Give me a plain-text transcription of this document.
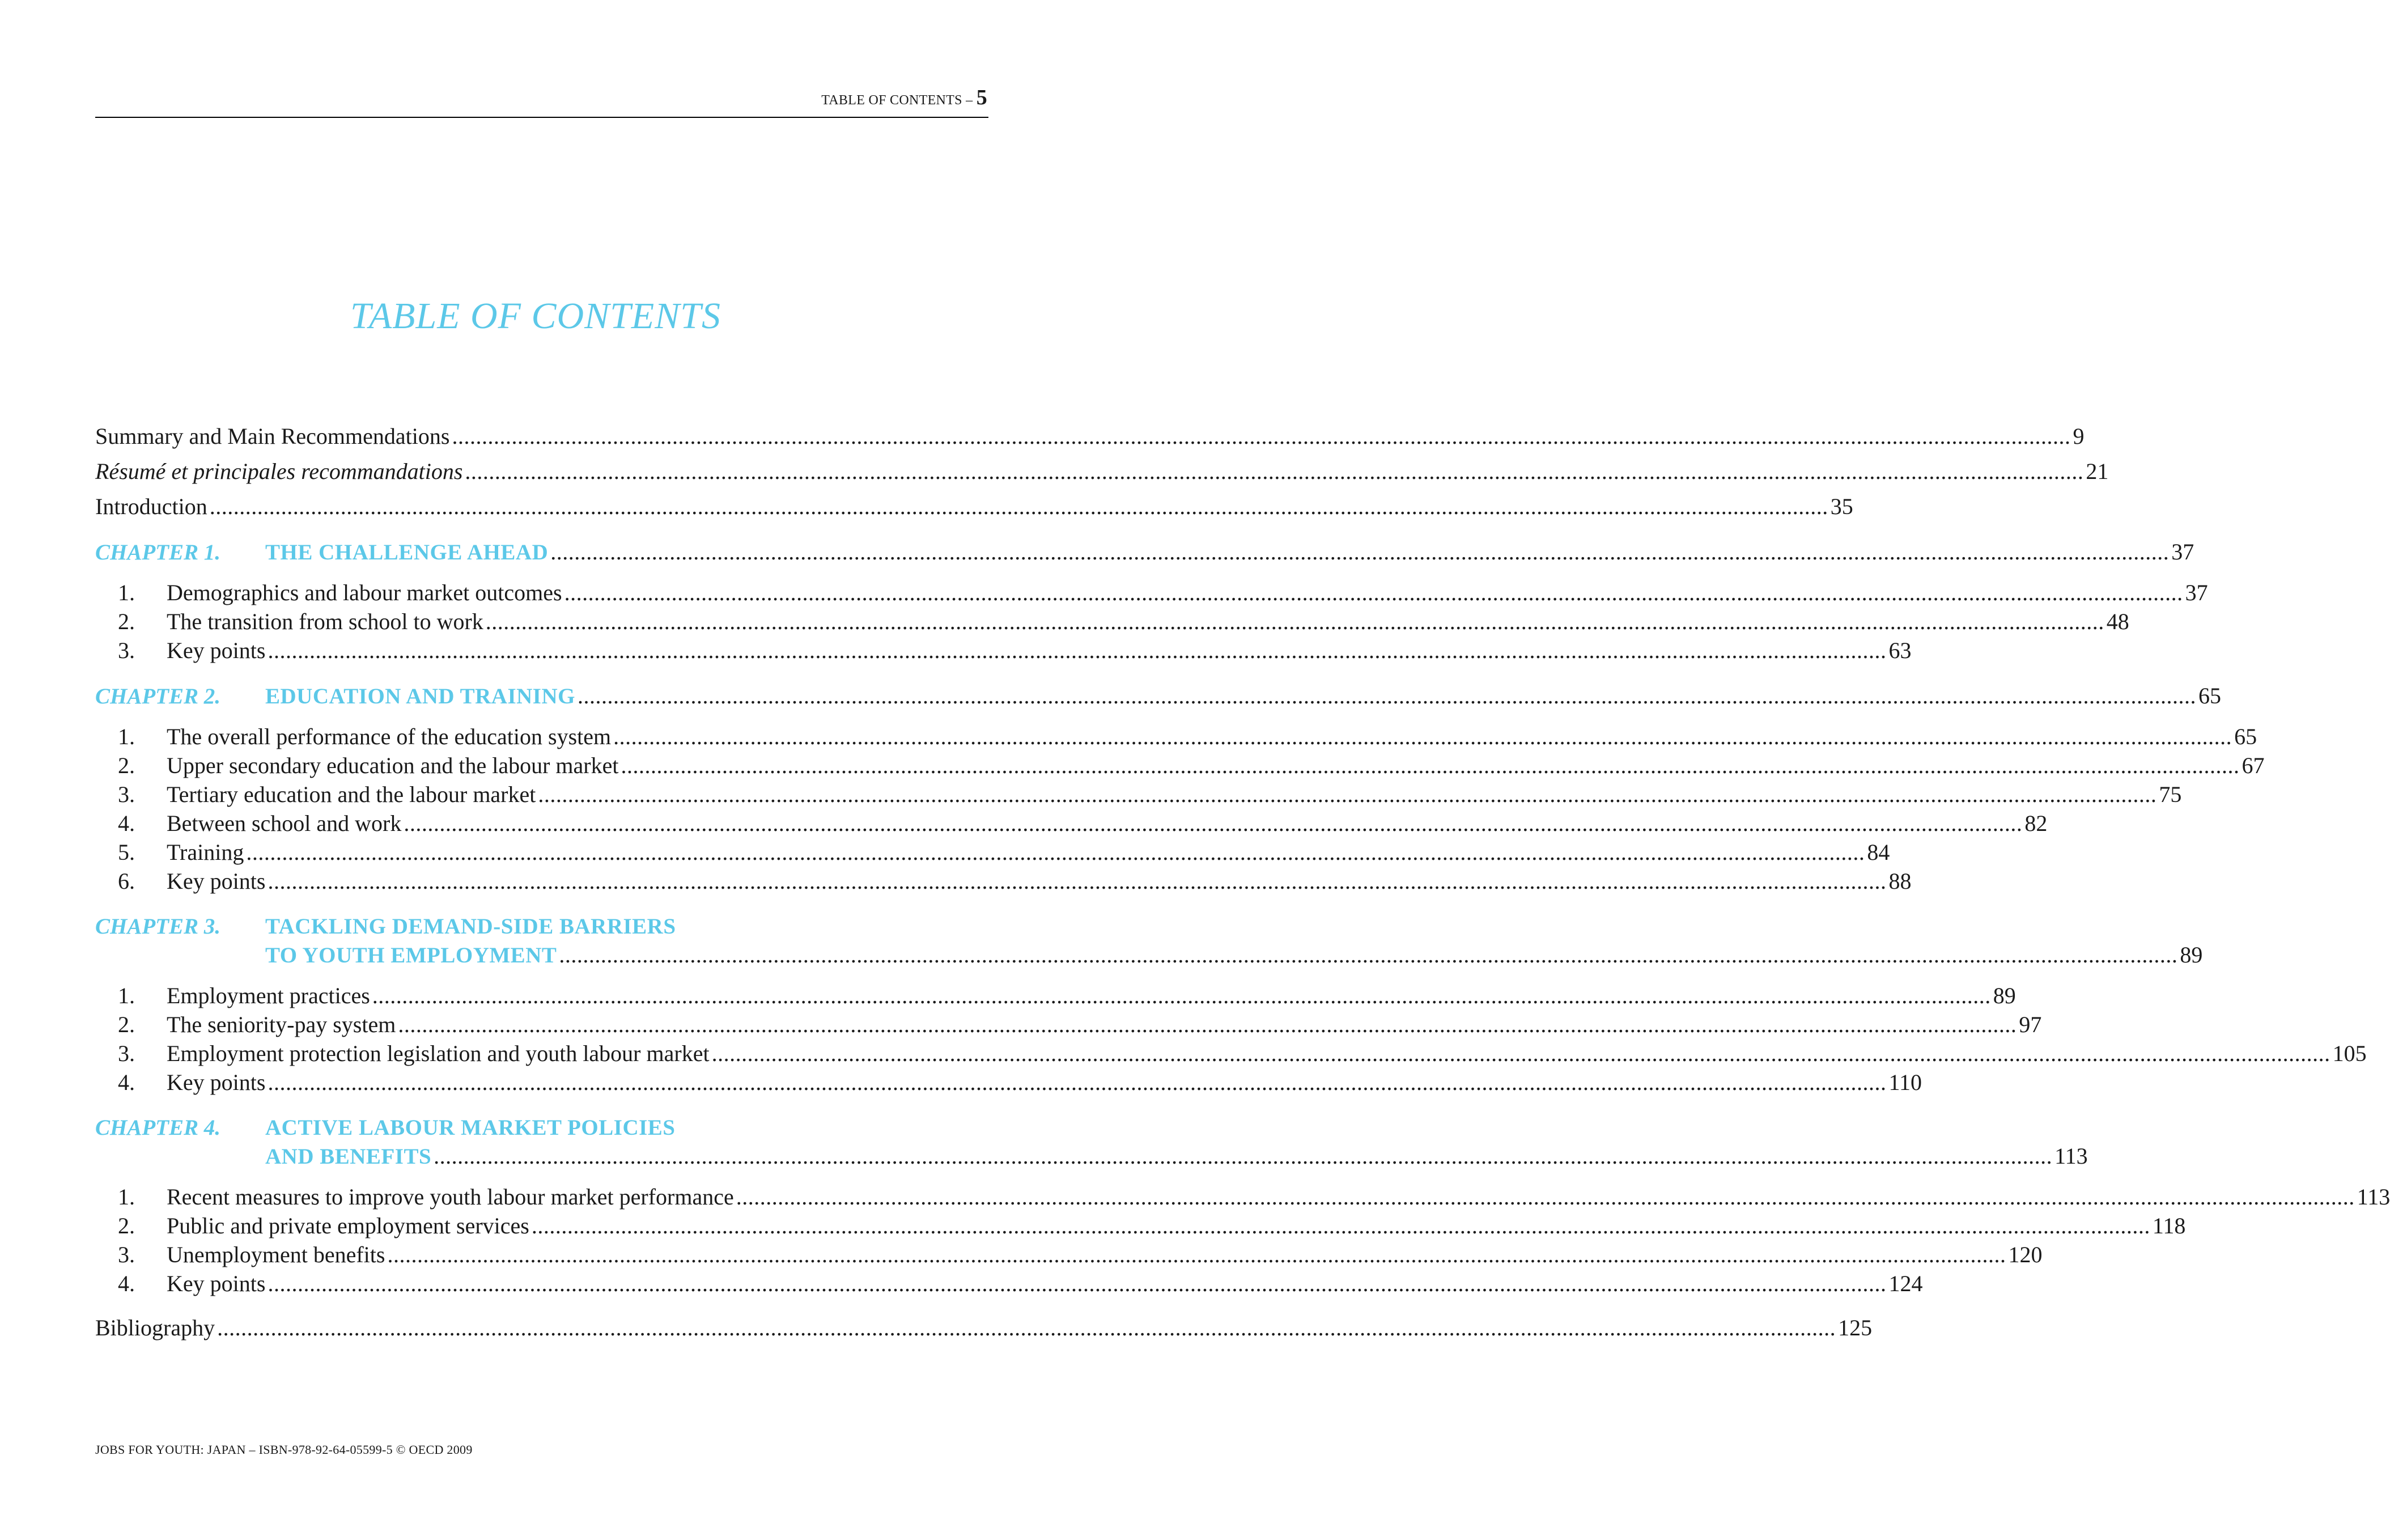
TABLE OF CONTENTS – 5
TABLE OF CONTENTS
Summary and Main Recommendations .....	9
Résumé et principales recommandations .....	21
Introduction .....	35
CHAPTER 1.	THE CHALLENGE AHEAD .....	37
1.	Demographics and labour market outcomes .....	37
2.	The transition from school to work .....	48
3.	Key points .....	63
CHAPTER 2.	EDUCATION AND TRAINING .....	65
1.	The overall performance of the education system .....	65
2.	Upper secondary education and the labour market .....	67
3.	Tertiary education and the labour market .....	75
4.	Between school and work .....	82
5.	Training .....	84
6.	Key points .....	88
CHAPTER 3.	TACKLING DEMAND-SIDE BARRIERS
TO YOUTH EMPLOYMENT .....	89
1.	Employment practices .....	89
2.	The seniority-pay system .....	97
3.	Employment protection legislation and youth labour market .....	105
4.	Key points .....	110
CHAPTER 4.	ACTIVE LABOUR MARKET POLICIES
AND BENEFITS .....	113
1.	Recent measures to improve youth labour market performance .....	113
2.	Public and private employment services .....	118
3.	Unemployment benefits .....	120
4.	Key points .....	124
Bibliography .....	125
JOBS FOR YOUTH: JAPAN – ISBN-978-92-64-05599-5 © OECD 2009
